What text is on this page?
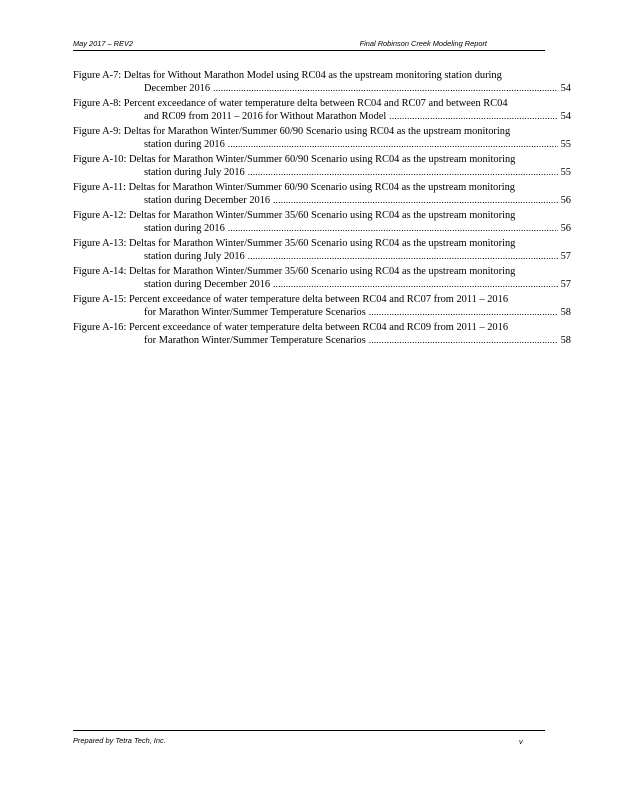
May 2017 – REV2	Final Robinson Creek Modeling Report
Figure A-7: Deltas for Without Marathon Model using RC04 as the upstream monitoring station during
December 2016 .....	54
Figure A-8: Percent exceedance of water temperature delta between RC04 and RC07 and between RC04
and RC09 from 2011 – 2016 for Without Marathon Model .....	54
Figure A-9: Deltas for Marathon Winter/Summer 60/90 Scenario using RC04 as the upstream monitoring
station during 2016 .....	55
Figure A-10: Deltas for Marathon Winter/Summer 60/90 Scenario using RC04 as the upstream monitoring
station during July 2016 .....	55
Figure A-11: Deltas for Marathon Winter/Summer 60/90 Scenario using RC04 as the upstream monitoring
station during December 2016 .....	56
Figure A-12: Deltas for Marathon Winter/Summer 35/60 Scenario using RC04 as the upstream monitoring
station during 2016 .....	56
Figure A-13: Deltas for Marathon Winter/Summer 35/60 Scenario using RC04 as the upstream monitoring
station during July 2016 .....	57
Figure A-14: Deltas for Marathon Winter/Summer 35/60 Scenario using RC04 as the upstream monitoring
station during December 2016 .....	57
Figure A-15: Percent exceedance of water temperature delta between RC04 and RC07 from 2011 – 2016
for Marathon Winter/Summer Temperature Scenarios .....	58
Figure A-16: Percent exceedance of water temperature delta between RC04 and RC09 from 2011 – 2016
for Marathon Winter/Summer Temperature Scenarios .....	58
Prepared by Tetra Tech, Inc.	v
